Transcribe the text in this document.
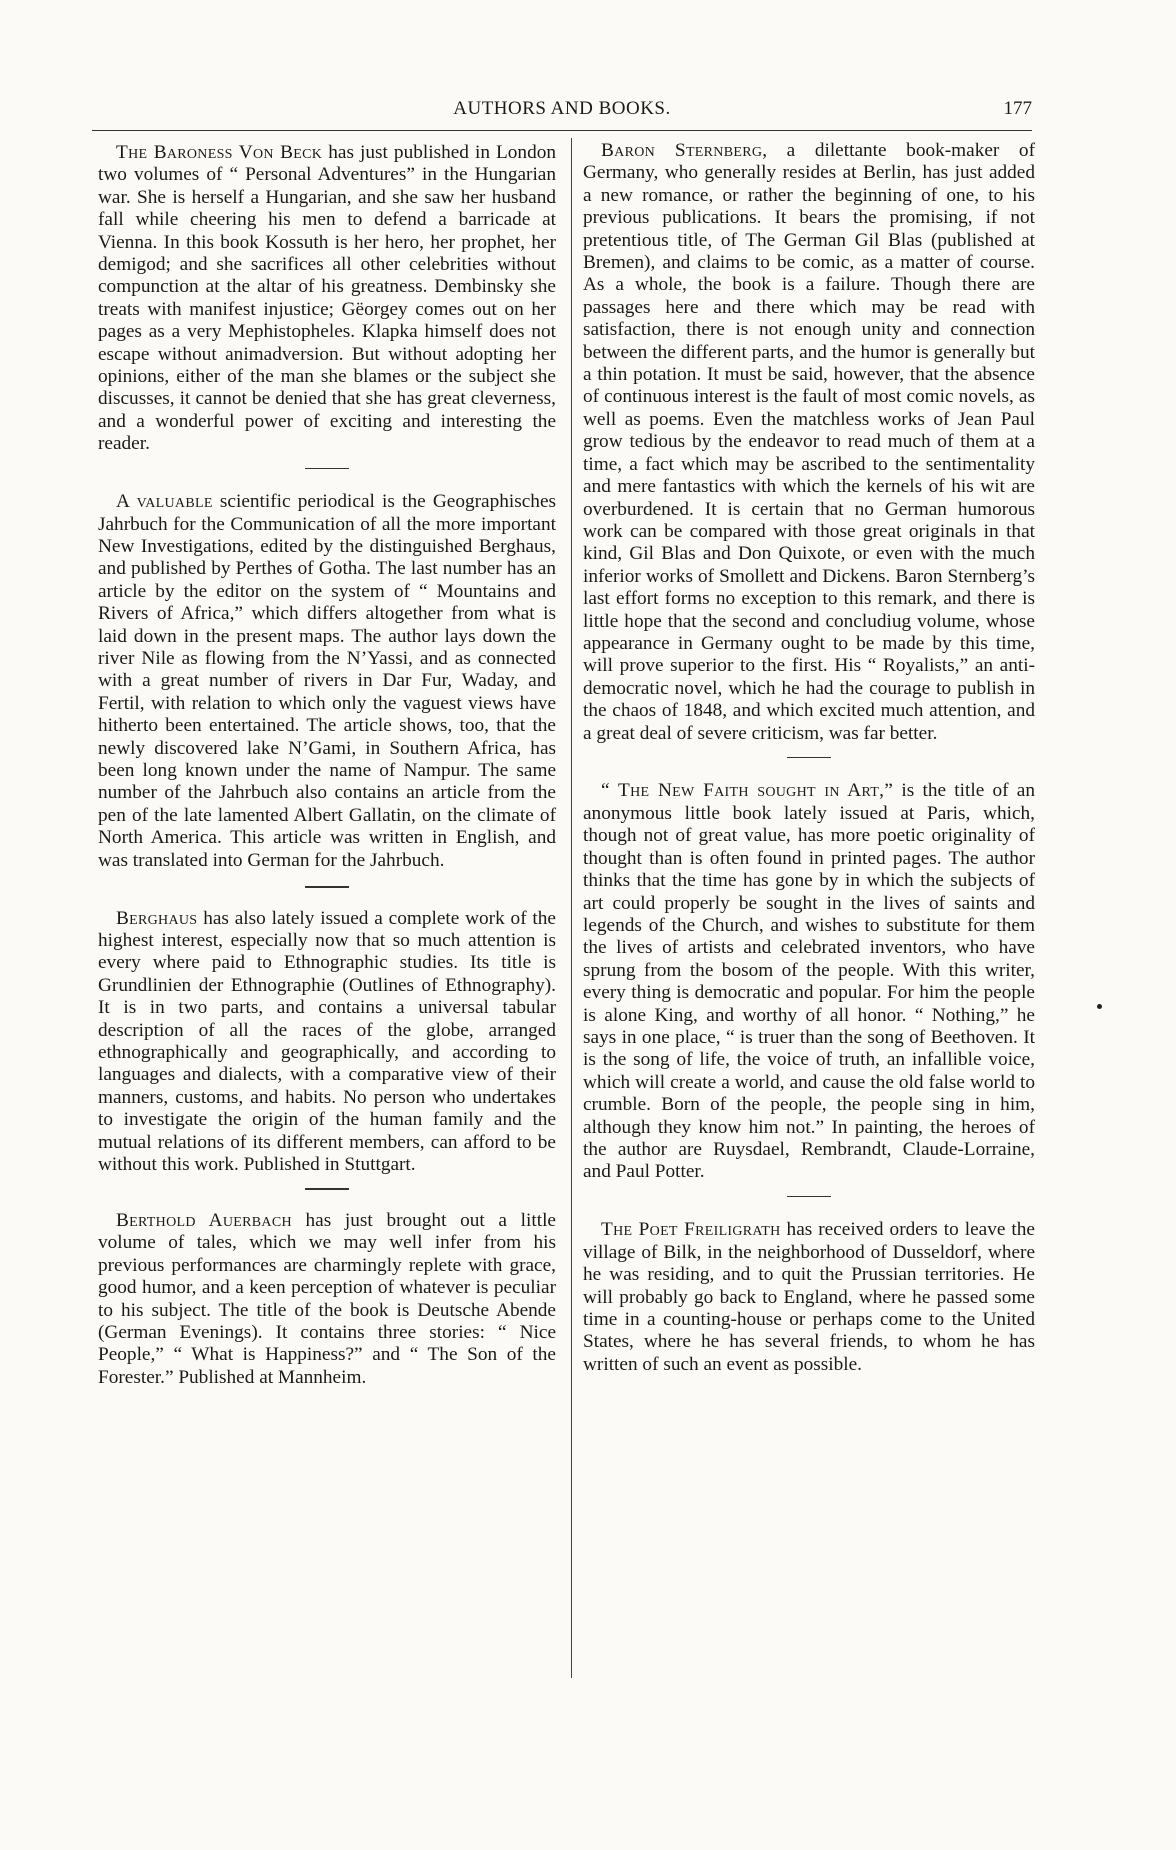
AUTHORS AND BOOKS.	177

The Baroness Von Beck has just published in London two volumes of “ Personal Adventures” in the Hungarian war. She is herself a Hungarian, and she saw her husband fall while cheering his men to defend a barricade at Vienna. In this book Kossuth is her hero, her prophet, her demigod; and she sacrifices all other celebrities without compunction at the altar of his greatness. Dembinsky she treats with manifest injustice; Gëorgey comes out on her pages as a very Mephistopheles. Klapka himself does not escape without animadversion. But without adopting her opinions, either of the man she blames or the subject she discusses, it cannot be denied that she has great cleverness, and a wonderful power of exciting and interesting the reader.

A valuable scientific periodical is the Geographisches Jahrbuch for the Communication of all the more important New Investigations, edited by the distinguished Berghaus, and published by Perthes of Gotha. The last number has an article by the editor on the system of “ Mountains and Rivers of Africa,” which differs altogether from what is laid down in the present maps. The author lays down the river Nile as flowing from the N’Yassi, and as connected with a great number of rivers in Dar Fur, Waday, and Fertil, with relation to which only the vaguest views have hitherto been entertained. The article shows, too, that the newly discovered lake N’Gami, in Southern Africa, has been long known under the name of Nampur. The same number of the Jahrbuch also contains an article from the pen of the late lamented Albert Gallatin, on the climate of North America. This article was written in English, and was translated into German for the Jahrbuch.

Berghaus has also lately issued a complete work of the highest interest, especially now that so much attention is every where paid to Ethnographic studies. Its title is Grundlinien der Ethnographie (Outlines of Ethnography). It is in two parts, and contains a universal tabular description of all the races of the globe, arranged ethnographically and geographically, and according to languages and dialects, with a comparative view of their manners, customs, and habits. No person who undertakes to investigate the origin of the human family and the mutual relations of its different members, can afford to be without this work. Published in Stuttgart.

Berthold Auerbach has just brought out a little volume of tales, which we may well infer from his previous performances are charmingly replete with grace, good humor, and a keen perception of whatever is peculiar to his subject. The title of the book is Deutsche Abende (German Evenings). It contains three stories: “ Nice People,” “ What is Happiness?” and “ The Son of the Forester.” Published at Mannheim.

Baron Sternberg, a dilettante book-maker of Germany, who generally resides at Berlin, has just added a new romance, or rather the beginning of one, to his previous publications. It bears the promising, if not pretentious title, of The German Gil Blas (published at Bremen), and claims to be comic, as a matter of course. As a whole, the book is a failure. Though there are passages here and there which may be read with satisfaction, there is not enough unity and connection between the different parts, and the humor is generally but a thin potation. It must be said, however, that the absence of continuous interest is the fault of most comic novels, as well as poems. Even the matchless works of Jean Paul grow tedious by the endeavor to read much of them at a time, a fact which may be ascribed to the sentimentality and mere fantastics with which the kernels of his wit are overburdened. It is certain that no German humorous work can be compared with those great originals in that kind, Gil Blas and Don Quixote, or even with the much inferior works of Smollett and Dickens. Baron Sternberg’s last effort forms no exception to this remark, and there is little hope that the second and concludiug volume, whose appearance in Germany ought to be made by this time, will prove superior to the first. His “ Royalists,” an anti-democratic novel, which he had the courage to publish in the chaos of 1848, and which excited much attention, and a great deal of severe criticism, was far better.

“ The New Faith sought in Art,” is the title of an anonymous little book lately issued at Paris, which, though not of great value, has more poetic originality of thought than is often found in printed pages. The author thinks that the time has gone by in which the subjects of art could properly be sought in the lives of saints and legends of the Church, and wishes to substitute for them the lives of artists and celebrated inventors, who have sprung from the bosom of the people. With this writer, every thing is democratic and popular. For him the people is alone King, and worthy of all honor. “ Nothing,” he says in one place, “ is truer than the song of Beethoven. It is the song of life, the voice of truth, an infallible voice, which will create a world, and cause the old false world to crumble. Born of the people, the people sing in him, although they know him not.” In painting, the heroes of the author are Ruysdael, Rembrandt, Claude-Lorraine, and Paul Potter.

The Poet Freiligrath has received orders to leave the village of Bilk, in the neighborhood of Dusseldorf, where he was residing, and to quit the Prussian territories. He will probably go back to England, where he passed some time in a counting-house or perhaps come to the United States, where he has several friends, to whom he has written of such an event as possible.
